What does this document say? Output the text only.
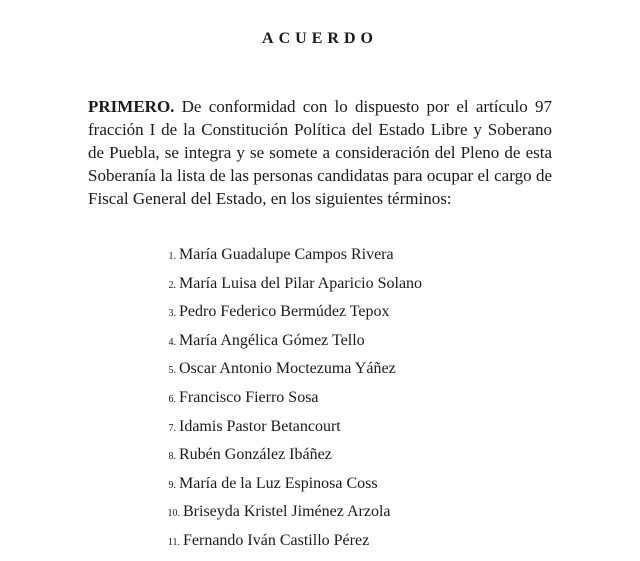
ACUERDO

PRIMERO. De conformidad con lo dispuesto por el artículo 97 fracción I de la Constitución Política del Estado Libre y Soberano de Puebla, se integra y se somete a consideración del Pleno de esta Soberanía la lista de las personas candidatas para ocupar el cargo de Fiscal General del Estado, en los siguientes términos:

1. María Guadalupe Campos Rivera
2. María Luisa del Pilar Aparicio Solano
3. Pedro Federico Bermúdez Tepox
4. María Angélica Gómez Tello
5. Oscar Antonio Moctezuma Yáñez
6. Francisco Fierro Sosa
7. Idamis Pastor Betancourt
8. Rubén González Ibáñez
9. María de la Luz Espinosa Coss
10. Briseyda Kristel Jiménez Arzola
11. Fernando Iván Castillo Pérez
